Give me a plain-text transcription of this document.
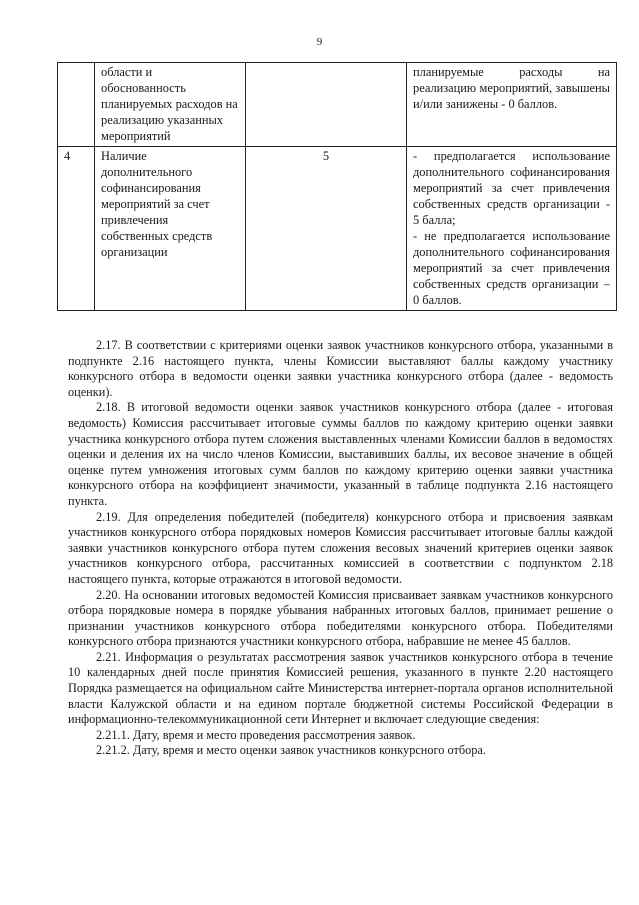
9
	области и обоснованность планируемых расходов на реализацию указанных мероприятий		планируемые расходы на реализацию мероприятий, завышены и/или занижены - 0 баллов.

4	Наличие дополнительного софинансирования мероприятий за счет привлечения собственных средств организации	5	- предполагается использование дополнительного софинансирования мероприятий за счет привлечения собственных средств организации - 5 балла;
- не предполагается использование дополнительного софинансирования мероприятий за счет привлечения собственных средств организации – 0 баллов.

2.17. В соответствии с критериями оценки заявок участников конкурсного отбора, указанными в подпункте 2.16 настоящего пункта, члены Комиссии выставляют баллы каждому участнику конкурсного отбора в ведомости оценки заявки участника конкурсного отбора (далее - ведомость оценки).

2.18. В итоговой ведомости оценки заявок участников конкурсного отбора (далее - итоговая ведомость) Комиссия рассчитывает итоговые суммы баллов по каждому критерию оценки заявки участника конкурсного отбора путем сложения выставленных членами Комиссии баллов в ведомостях оценки и деления их на число членов Комиссии, выставивших баллы, их весовое значение в общей оценке путем умножения итоговых сумм баллов по каждому критерию оценки заявки участника конкурсного отбора на коэффициент значимости, указанный в таблице подпункта 2.16 настоящего пункта.

2.19. Для определения победителей (победителя) конкурсного отбора и присвоения заявкам участников конкурсного отбора порядковых номеров Комиссия рассчитывает итоговые баллы каждой заявки участников конкурсного отбора путем сложения весовых значений критериев оценки заявок участников конкурсного отбора, рассчитанных комиссией в соответствии с подпунктом 2.18 настоящего пункта, которые отражаются в итоговой ведомости.

2.20. На основании итоговых ведомостей Комиссия присваивает заявкам участников конкурсного отбора порядковые номера в порядке убывания набранных итоговых баллов, принимает решение о признании участников конкурсного отбора победителями конкурсного отбора. Победителями конкурсного отбора признаются участники конкурсного отбора, набравшие не менее 45 баллов.

2.21. Информация о результатах рассмотрения заявок участников конкурсного отбора в течение 10 календарных дней после принятия Комиссией решения, указанного в пункте 2.20 настоящего Порядка размещается на официальном сайте Министерства интернет-портала органов исполнительной власти Калужской области и на едином портале бюджетной системы Российской Федерации в информационно-телекоммуникационной сети Интернет и включает следующие сведения:

2.21.1. Дату, время и место проведения рассмотрения заявок.

2.21.2. Дату, время и место оценки заявок участников конкурсного отбора.
